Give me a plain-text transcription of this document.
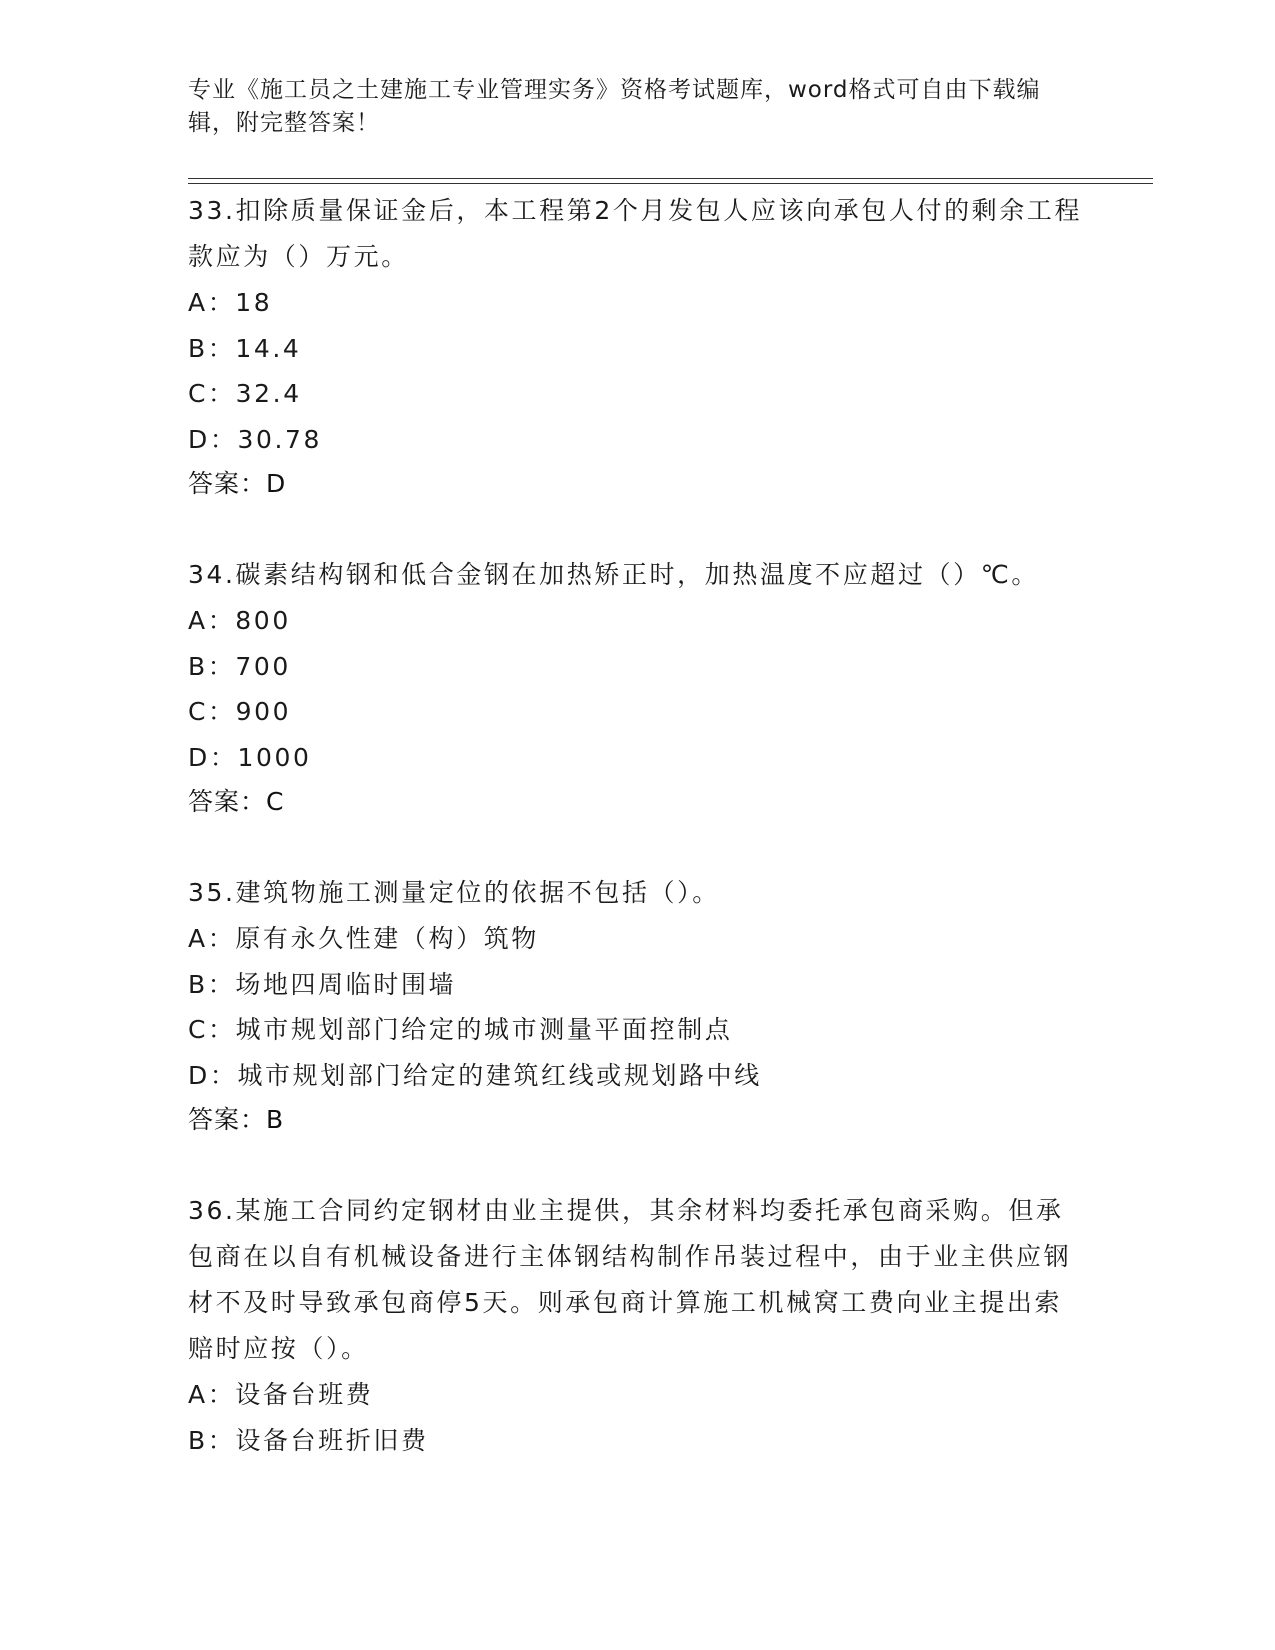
专业《施工员之土建施工专业管理实务》资格考试题库，word格式可自由下载编辑，附完整答案！

33.扣除质量保证金后，本工程第2个月发包人应该向承包人付的剩余工程款应为（）万元。

A：18

B：14.4

C：32.4

D：30.78

答案：D

34.碳素结构钢和低合金钢在加热矫正时，加热温度不应超过（）℃。

A：800

B：700

C：900

D：1000

答案：C

35.建筑物施工测量定位的依据不包括（）。

A：原有永久性建（构）筑物

B：场地四周临时围墙

C：城市规划部门给定的城市测量平面控制点

D：城市规划部门给定的建筑红线或规划路中线

答案：B

36.某施工合同约定钢材由业主提供，其余材料均委托承包商采购。但承包商在以自有机械设备进行主体钢结构制作吊装过程中，由于业主供应钢材不及时导致承包商停5天。则承包商计算施工机械窝工费向业主提出索赔时应按（）。

A：设备台班费

B：设备台班折旧费
